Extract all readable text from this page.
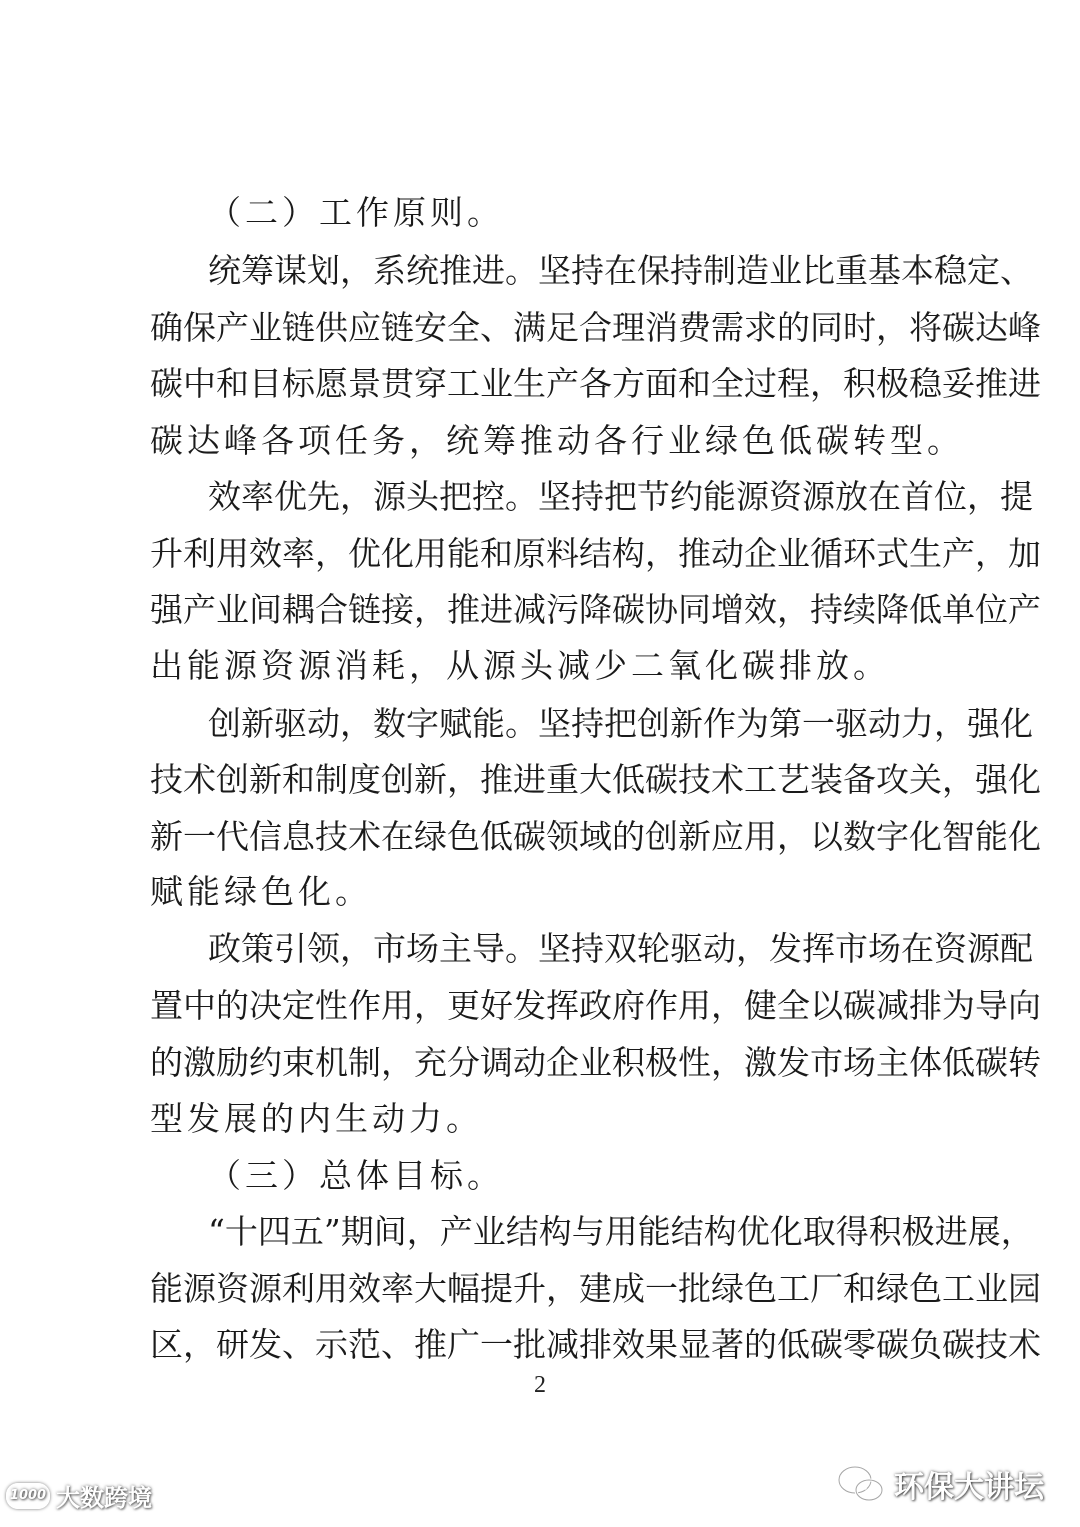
（二）工作原则。
统筹谋划，系统推进。坚持在保持制造业比重基本稳定、
确保产业链供应链安全、满足合理消费需求的同时，将碳达峰
碳中和目标愿景贯穿工业生产各方面和全过程，积极稳妥推进
碳达峰各项任务，统筹推动各行业绿色低碳转型。
效率优先，源头把控。坚持把节约能源资源放在首位，提
升利用效率，优化用能和原料结构，推动企业循环式生产，加
强产业间耦合链接，推进减污降碳协同增效，持续降低单位产
出能源资源消耗，从源头减少二氧化碳排放。
创新驱动，数字赋能。坚持把创新作为第一驱动力，强化
技术创新和制度创新，推进重大低碳技术工艺装备攻关，强化
新一代信息技术在绿色低碳领域的创新应用，以数字化智能化
赋能绿色化。
政策引领，市场主导。坚持双轮驱动，发挥市场在资源配
置中的决定性作用，更好发挥政府作用，健全以碳减排为导向
的激励约束机制，充分调动企业积极性，激发市场主体低碳转
型发展的内生动力。
（三）总体目标。
“十四五”期间，产业结构与用能结构优化取得积极进展，
能源资源利用效率大幅提升，建成一批绿色工厂和绿色工业园
区，研发、示范、推广一批减排效果显著的低碳零碳负碳技术
2
1000 大数跨境	环保大讲坛
